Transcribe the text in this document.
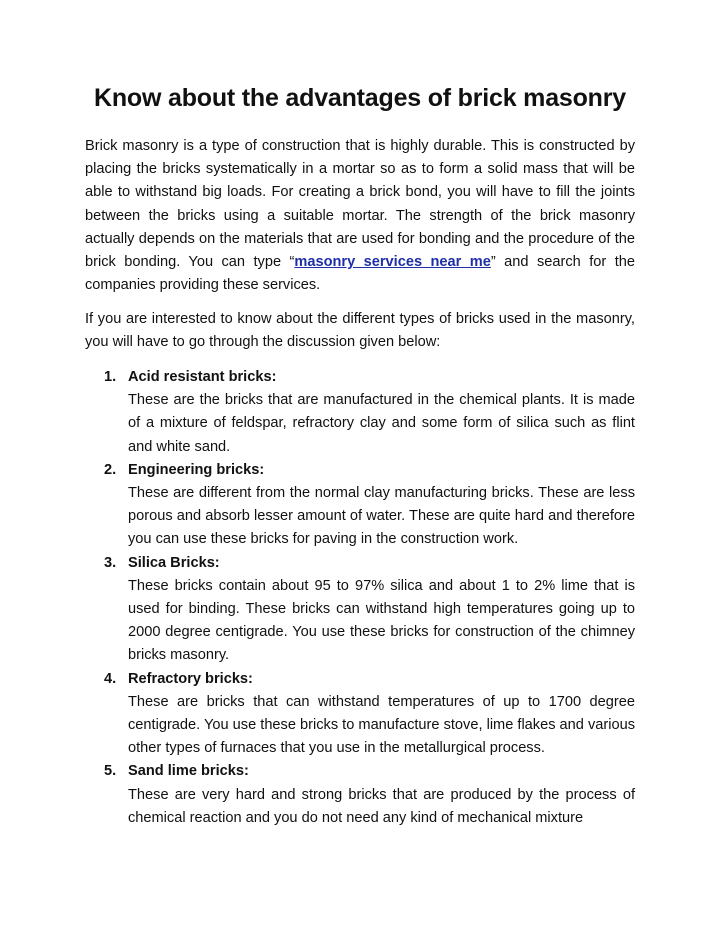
Know about the advantages of brick masonry

Brick masonry is a type of construction that is highly durable. This is constructed by placing the bricks systematically in a mortar so as to form a solid mass that will be able to withstand big loads. For creating a brick bond, you will have to fill the joints between the bricks using a suitable mortar. The strength of the brick masonry actually depends on the materials that are used for bonding and the procedure of the brick bonding. You can type “masonry services near me” and search for the companies providing these services.

If you are interested to know about the different types of bricks used in the masonry, you will have to go through the discussion given below:

1. Acid resistant bricks:
These are the bricks that are manufactured in the chemical plants. It is made of a mixture of feldspar, refractory clay and some form of silica such as flint and white sand.
2. Engineering bricks:
These are different from the normal clay manufacturing bricks. These are less porous and absorb lesser amount of water. These are quite hard and therefore you can use these bricks for paving in the construction work.
3. Silica Bricks:
These bricks contain about 95 to 97% silica and about 1 to 2% lime that is used for binding. These bricks can withstand high temperatures going up to 2000 degree centigrade. You use these bricks for construction of the chimney bricks masonry.
4. Refractory bricks:
These are bricks that can withstand temperatures of up to 1700 degree centigrade. You use these bricks to manufacture stove, lime flakes and various other types of furnaces that you use in the metallurgical process.
5. Sand lime bricks:
These are very hard and strong bricks that are produced by the process of chemical reaction and you do not need any kind of mechanical mixture
